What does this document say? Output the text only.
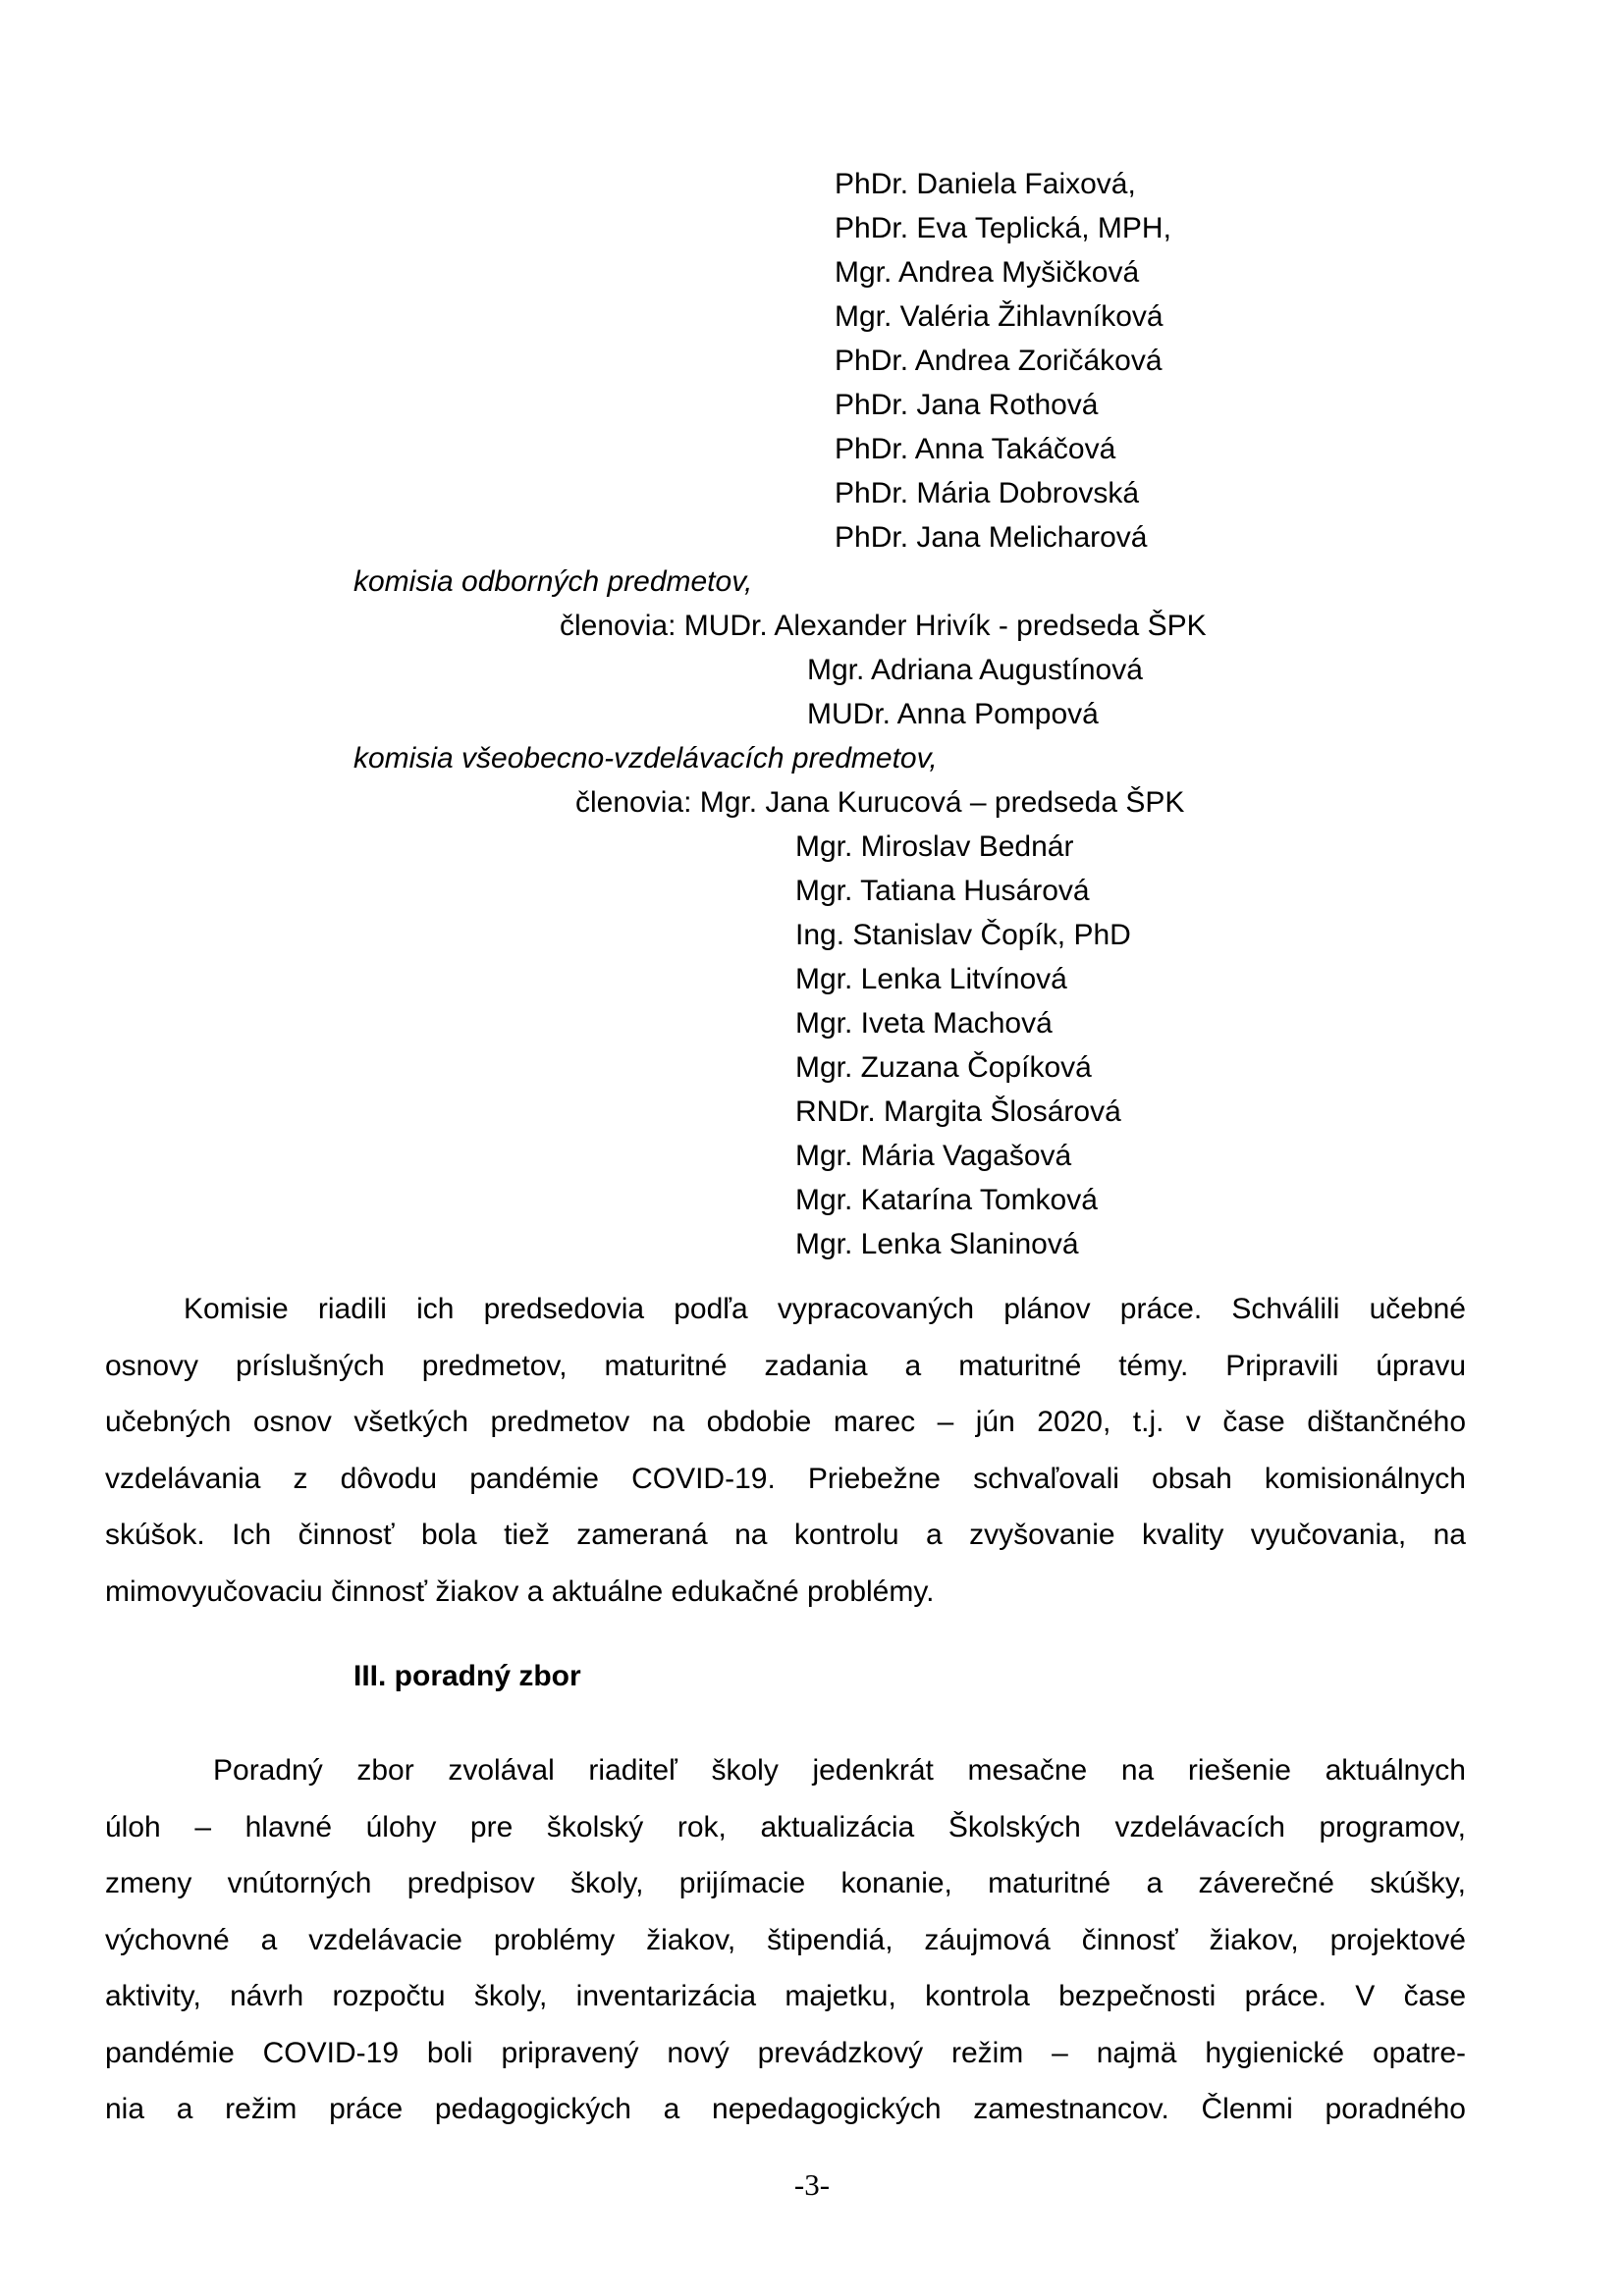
PhDr. Daniela Faixová,
PhDr. Eva Teplická, MPH,
Mgr. Andrea Myšičková
Mgr. Valéria Žihlavníková
PhDr. Andrea Zoričáková
PhDr. Jana Rothová
PhDr. Anna Takáčová
PhDr. Mária Dobrovská
PhDr. Jana Melicharová
komisia odborných predmetov,
členovia: MUDr. Alexander Hrivík - predseda ŠPK
Mgr. Adriana Augustínová
MUDr. Anna Pompová
komisia všeobecno-vzdelávacích predmetov,
členovia: Mgr. Jana Kurucová – predseda ŠPK
Mgr. Miroslav Bednár
Mgr. Tatiana Husárová
Ing. Stanislav Čopík, PhD
Mgr. Lenka Litvínová
Mgr. Iveta Machová
Mgr. Zuzana Čopíková
RNDr. Margita Šlosárová
Mgr. Mária Vagašová
Mgr. Katarína Tomková
Mgr. Lenka Slaninová
Komisie riadili ich predsedovia podľa vypracovaných plánov práce. Schválili učebné
osnovy príslušných predmetov, maturitné zadania a maturitné témy. Pripravili úpravu
učebných osnov všetkých predmetov na obdobie marec – jún 2020, t.j. v čase dištančného
vzdelávania z dôvodu pandémie COVID-19. Priebežne schvaľovali obsah komisionálnych
skúšok. Ich činnosť bola tiež zameraná na kontrolu a zvyšovanie kvality vyučovania, na
mimovyučovaciu činnosť žiakov a aktuálne edukačné problémy.
III. poradný zbor
Poradný zbor zvolával riaditeľ školy jedenkrát mesačne na riešenie aktuálnych
úloh – hlavné úlohy pre školský rok, aktualizácia Školských vzdelávacích programov,
zmeny vnútorných predpisov školy, prijímacie konanie, maturitné a záverečné skúšky,
výchovné a vzdelávacie problémy žiakov, štipendiá, záujmová činnosť žiakov, projektové
aktivity, návrh rozpočtu školy, inventarizácia majetku, kontrola bezpečnosti práce. V čase
pandémie COVID-19 boli pripravený nový prevádzkový režim – najmä hygienické opatre-
nia a režim práce pedagogických a nepedagogických zamestnancov. Členmi poradného
-3-
